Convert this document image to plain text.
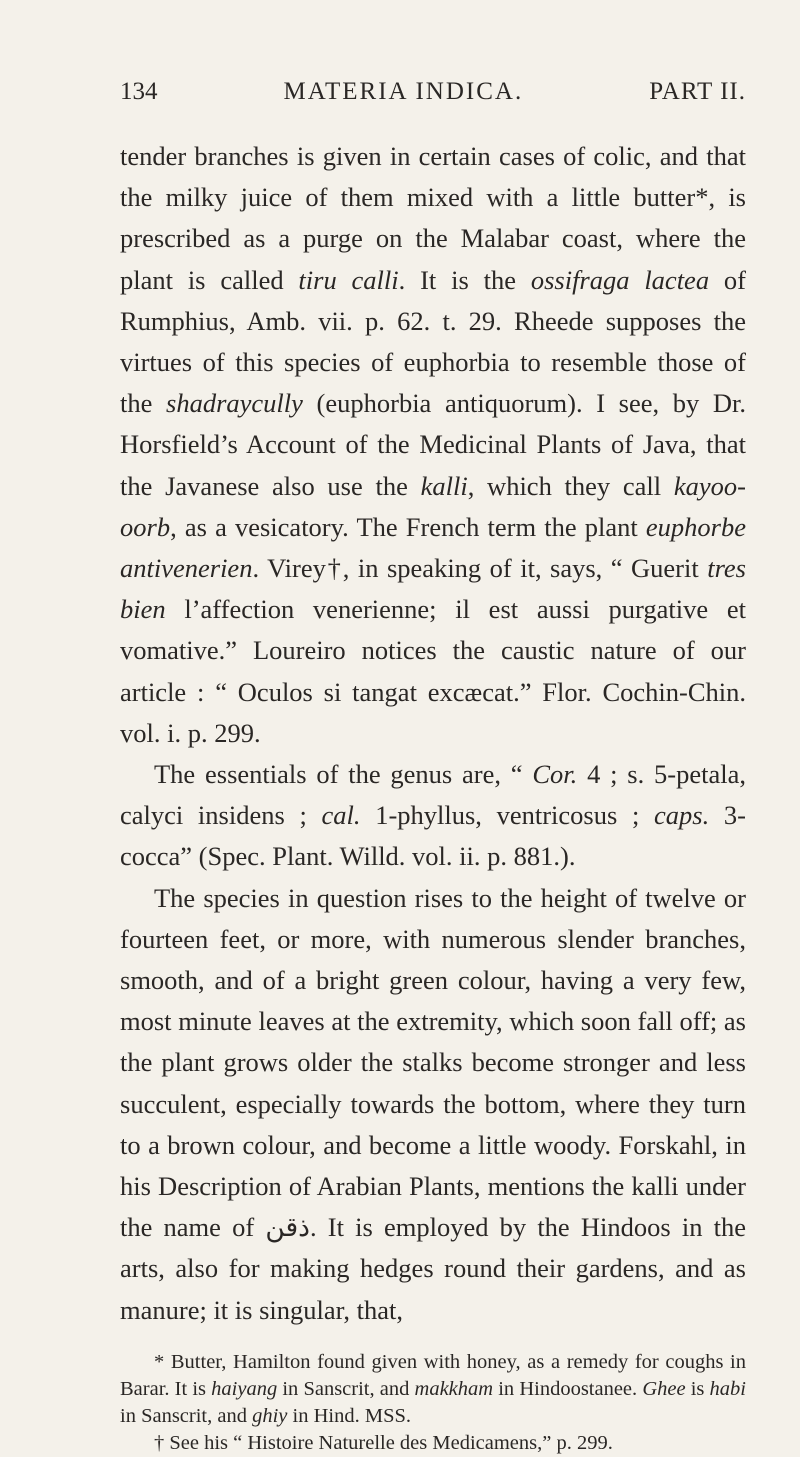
134	MATERIA INDICA.	PART II.

tender branches is given in certain cases of colic, and that the milky juice of them mixed with a little butter*, is prescribed as a purge on the Malabar coast, where the plant is called tiru calli. It is the ossifraga lactea of Rumphius, Amb. vii. p. 62. t. 29. Rheede supposes the virtues of this species of euphorbia to resemble those of the shadraycully (euphorbia antiquorum). I see, by Dr. Horsfield’s Account of the Medicinal Plants of Java, that the Javanese also use the kalli, which they call kayoo-oorb, as a vesicatory. The French term the plant euphorbe antivenerien. Virey†, in speaking of it, says, “ Guerit tres bien l’affection venerienne; il est aussi purgative et vomative.” Loureiro notices the caustic nature of our article : “ Oculos si tangat excæcat.” Flor. Cochin-Chin. vol. i. p. 299.

The essentials of the genus are, “ Cor. 4 ; s. 5-petala, calyci insidens ; cal. 1-phyllus, ventricosus ; caps. 3-cocca” (Spec. Plant. Willd. vol. ii. p. 881.).

The species in question rises to the height of twelve or fourteen feet, or more, with numerous slender branches, smooth, and of a bright green colour, having a very few, most minute leaves at the extremity, which soon fall off; as the plant grows older the stalks become stronger and less succulent, especially towards the bottom, where they turn to a brown colour, and become a little woody. Forskahl, in his Description of Arabian Plants, mentions the kalli under the name of ذقن. It is employed by the Hindoos in the arts, also for making hedges round their gardens, and as manure; it is singular, that,

* Butter, Hamilton found given with honey, as a remedy for coughs in Barar. It is haiyang in Sanscrit, and makkham in Hindoostanee. Ghee is habi in Sanscrit, and ghiy in Hind. MSS.

† See his “ Histoire Naturelle des Medicamens,” p. 299.
